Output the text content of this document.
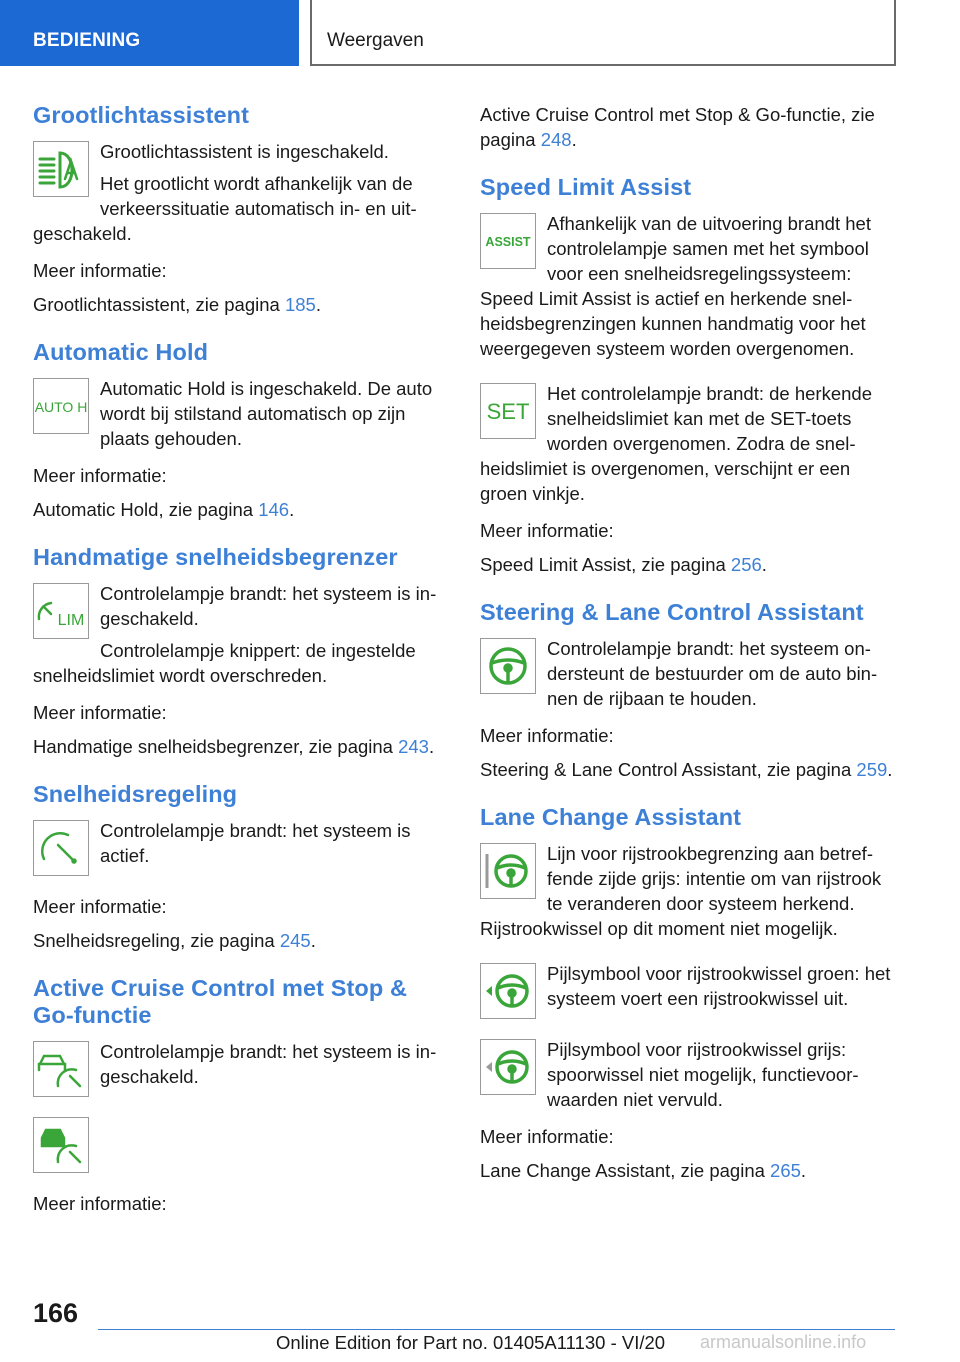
BEDIENING	Weergaven
Grootlichtassistent

Grootlichtassistent is ingeschakeld.

Het grootlicht wordt afhankelijk van de verkeerssituatie automatisch in- en uitgeschakeld.

Meer informatie:

Grootlichtassistent, zie pagina 185.

Automatic Hold
AUTO H

Automatic Hold is ingeschakeld. De auto wordt bij stilstand automatisch op zijn plaats gehouden.

Meer informatie:

Automatic Hold, zie pagina 146.

Handmatige snelheidsbegrenzer
LIM

Controlelampje brandt: het systeem is ingeschakeld.

Controlelampje knippert: de ingestelde snelheidslimiet wordt overschreden.

Meer informatie:

Handmatige snelheidsbegrenzer, zie pagina 243.

Snelheidsregeling

Controlelampje brandt: het systeem is actief.

Meer informatie:

Snelheidsregeling, zie pagina 245.

Active Cruise Control met Stop & Go-functie

Controlelampje brandt: het systeem is ingeschakeld.

Meer informatie:

Active Cruise Control met Stop & Go-functie, zie pagina 248.

Speed Limit Assist
ASSIST

Afhankelijk van de uitvoering brandt het controlelampje samen met het symbool voor een snelheidsregelingssysteem: Speed Limit Assist is actief en herkende snelheidsbegrenzingen kunnen handmatig voor het weergegeven systeem worden overgenomen.

SET

Het controlelampje brandt: de herkende snelheidslimiet kan met de SET-toets worden overgenomen. Zodra de snelheidslimiet is overgenomen, verschijnt er een groen vinkje.

Meer informatie:

Speed Limit Assist, zie pagina 256.

Steering & Lane Control Assistant

Controlelampje brandt: het systeem ondersteunt de bestuurder om de auto binnen de rijbaan te houden.

Meer informatie:

Steering & Lane Control Assistant, zie pagina 259.

Lane Change Assistant

Lijn voor rijstrookbegrenzing aan betreffende zijde grijs: intentie om van rijstrook te veranderen door systeem herkend. Rijstrookwissel op dit moment niet mogelijk.

Pijlsymbool voor rijstrookwissel groen: het systeem voert een rijstrookwissel uit.

Pijlsymbool voor rijstrookwissel grijs: spoorwissel niet mogelijk, functievoorwaarden niet vervuld.

Meer informatie:

Lane Change Assistant, zie pagina 265.

166
Online Edition for Part no. 01405A11130 - VI/20 armanualsonline.info
